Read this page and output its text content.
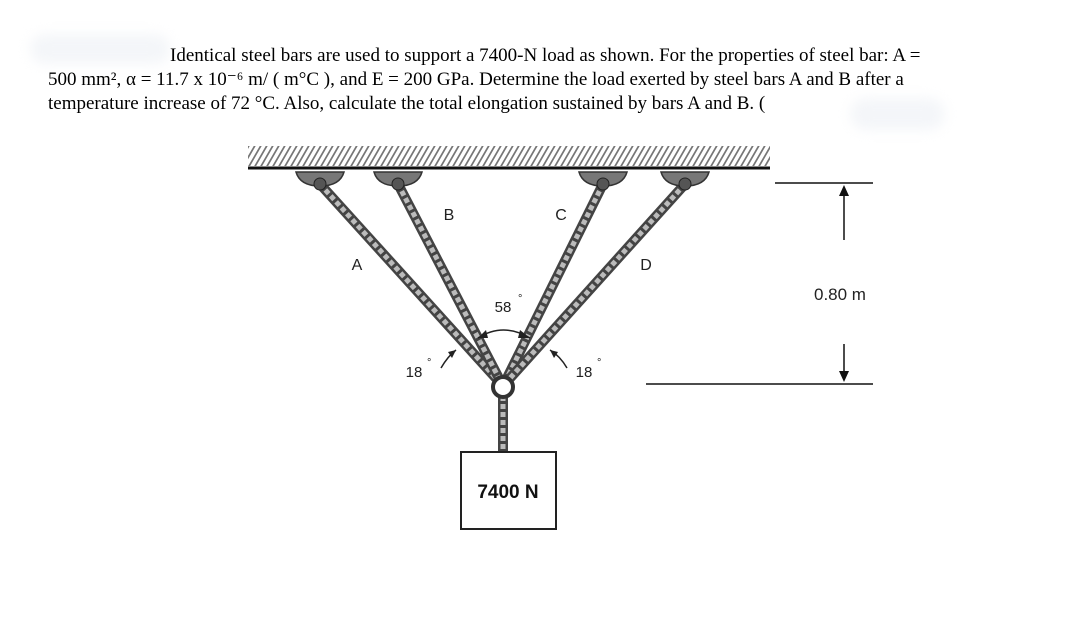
Identical steel bars are used to support a 7400-N load as shown. For the properties of steel bar: A =

500 mm², α = 11.7 x 10⁻⁶ m/ ( m°C ), and E = 200 GPa. Determine the load exerted by steel bars A and B after a

temperature increase of 72 °C. Also, calculate the total elongation sustained by bars A and B. (

7400 N
A
B	C
D
58 °
18
°
18
°
0.80 m
